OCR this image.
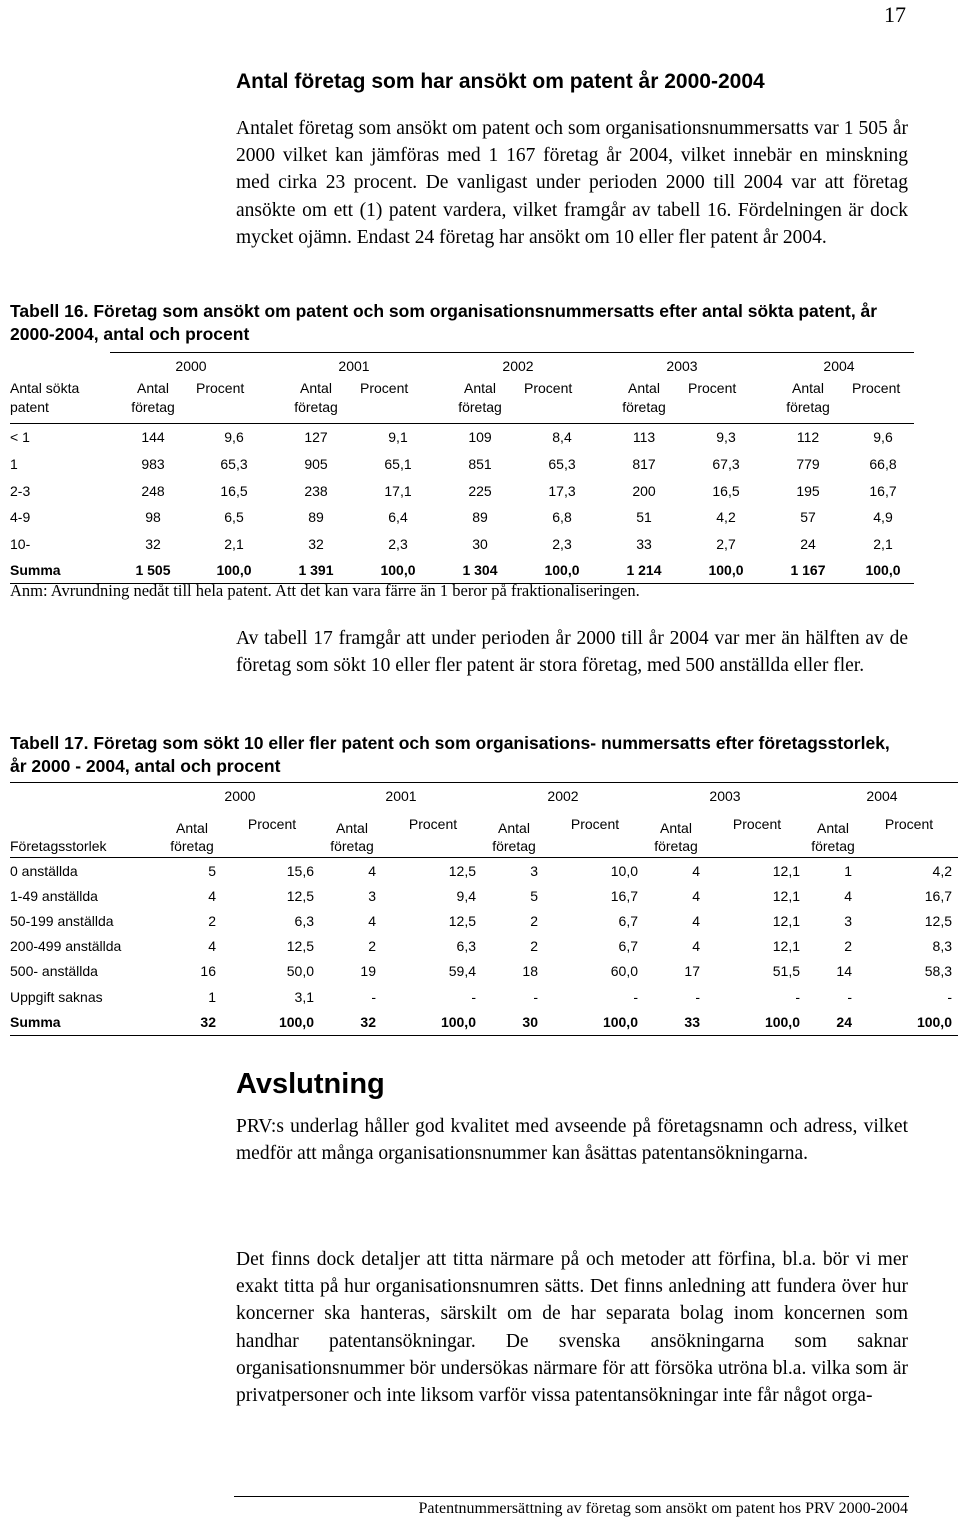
17
Antal företag som har ansökt om patent år 2000-2004
Antalet företag som ansökt om patent och som organisationsnummersatts var 1 505 år 2000 vilket kan jämföras med 1 167 företag år 2004, vilket innebär en minskning med cirka 23 procent. De vanligast under perioden 2000 till 2004 var att företag ansökte om ett (1) patent vardera, vilket framgår av tabell 16. Fördelningen är dock mycket ojämn. Endast 24 företag har ansökt om 10 eller fler patent år 2004.
Tabell 16. Företag som ansökt om patent och som organisationsnummersatts efter antal sökta patent, år 2000-2004, antal och procent
	2000		2001		2002		2003		2004		
Antal sökta
patent	Antal
företag	Procent	Antal
företag	Procent	Antal
företag	Procent	Antal
företag	Procent	Antal
företag	Procent	
< 1	144	9,6	127	9,1	109	8,4	113	9,3	112	9,6	
1	983	65,3	905	65,1	851	65,3	817	67,3	779	66,8	
2-3	248	16,5	238	17,1	225	17,3	200	16,5	195	16,7	
4-9	98	6,5	89	6,4	89	6,8	51	4,2	57	4,9	
10-	32	2,1	32	2,3	30	2,3	33	2,7	24	2,1	
Summa	1 505	100,0	1 391	100,0	1 304	100,0	1 214	100,0	1 167	100,0	
Anm: Avrundning nedåt till hela patent. Att det kan vara färre än 1 beror på fraktionaliseringen.
Av tabell 17 framgår att under perioden år 2000 till år 2004 var mer än hälften av de företag som sökt 10 eller fler patent är stora företag, med 500 anställda eller fler.
Tabell 17. Företag som sökt 10 eller fler patent och som organisations- nummersatts efter företagsstorlek, år 2000 - 2004, antal och procent
	2000		2001		2002		2003		2004	
Företagsstorlek	Antal
företag	Procent	Antal
företag	Procent	Antal
företag	Procent	Antal
företag	Procent	Antal
företag	Procent
0 anställda	5	15,6	4	12,5	3	10,0	4	12,1	1	4,2
1-49 anställda	4	12,5	3	9,4	5	16,7	4	12,1	4	16,7
50-199 anställda	2	6,3	4	12,5	2	6,7	4	12,1	3	12,5
200-499 anställda	4	12,5	2	6,3	2	6,7	4	12,1	2	8,3
500- anställda	16	50,0	19	59,4	18	60,0	17	51,5	14	58,3
Uppgift saknas	1	3,1	-	-	-	-	-	-	-	-
Summa	32	100,0	32	100,0	30	100,0	33	100,0	24	100,0
Avslutning
PRV:s underlag håller god kvalitet med avseende på företagsnamn och adress, vilket medför att många organisationsnummer kan åsättas patentansökningarna.
Det finns dock detaljer att titta närmare på och metoder att förfina, bl.a. bör vi mer exakt titta på hur organisationsnumren sätts. Det finns anledning att fundera över hur koncerner ska hanteras, särskilt om de har separata bolag inom koncernen som handhar patentansökningar. De svenska ansökningarna som saknar organisationsnummer bör undersökas närmare för att försöka utröna bl.a. vilka som är privatpersoner och inte liksom varför vissa patentansökningar inte får något orga-
Patentnummersättning av företag som ansökt om patent hos PRV 2000-2004
